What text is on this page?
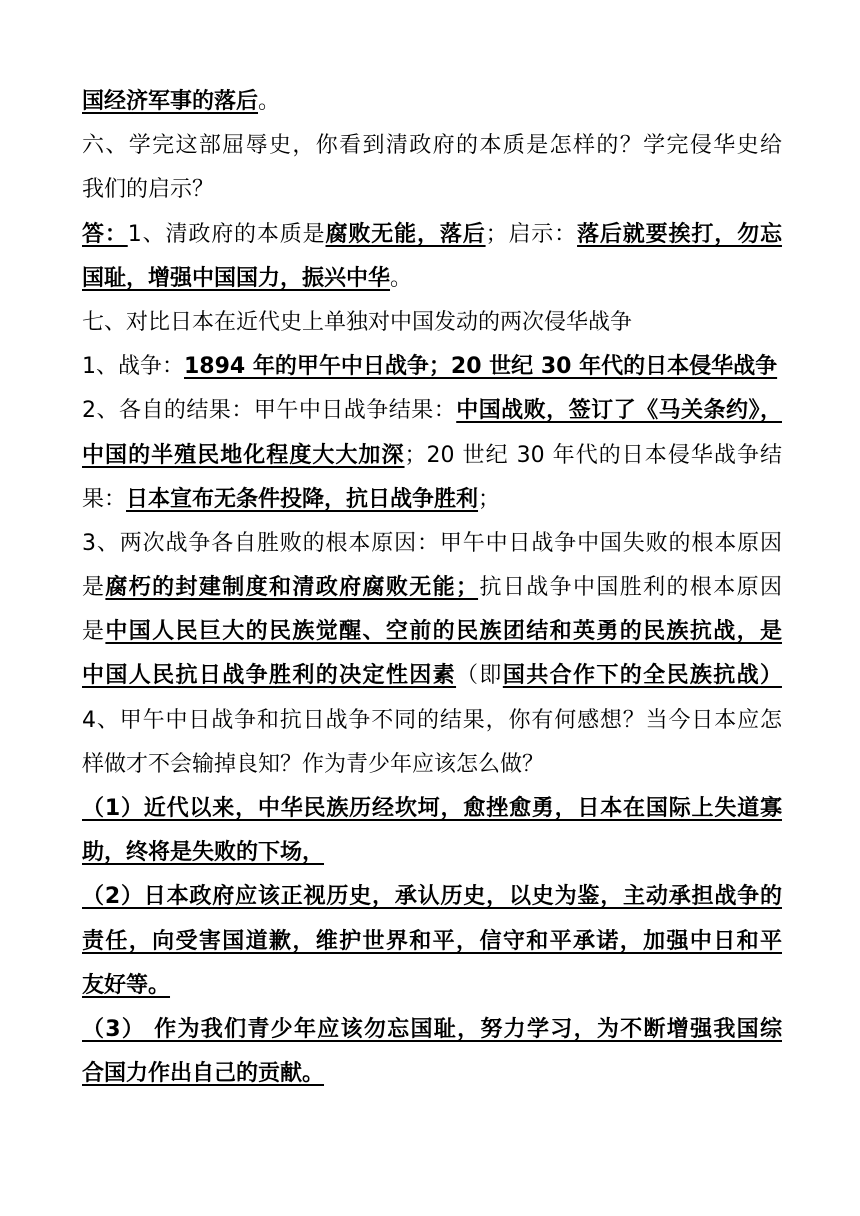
国经济军事的落后。
六、学完这部屈辱史，你看到清政府的本质是怎样的？学完侵华史给
我们的启示？
答：1、清政府的本质是腐败无能，落后；启示：落后就要挨打，勿忘
国耻，增强中国国力，振兴中华。
七、对比日本在近代史上单独对中国发动的两次侵华战争
1、战争：1894 年的甲午中日战争；20 世纪 30 年代的日本侵华战争
2、各自的结果：甲午中日战争结果：中国战败，签订了《马关条约》，
中国的半殖民地化程度大大加深；20 世纪 30 年代的日本侵华战争结
果：日本宣布无条件投降，抗日战争胜利；
3、两次战争各自胜败的根本原因：甲午中日战争中国失败的根本原因
是腐朽的封建制度和清政府腐败无能；抗日战争中国胜利的根本原因
是中国人民巨大的民族觉醒、空前的民族团结和英勇的民族抗战，是
中国人民抗日战争胜利的决定性因素（即国共合作下的全民族抗战）
4、甲午中日战争和抗日战争不同的结果，你有何感想？当今日本应怎
样做才不会输掉良知？作为青少年应该怎么做？
（1）近代以来，中华民族历经坎坷，愈挫愈勇，日本在国际上失道寡
助，终将是失败的下场，
（2）日本政府应该正视历史，承认历史，以史为鉴，主动承担战争的
责任，向受害国道歉，维护世界和平，信守和平承诺，加强中日和平
友好等。
（3） 作为我们青少年应该勿忘国耻，努力学习，为不断增强我国综
合国力作出自己的贡献。
